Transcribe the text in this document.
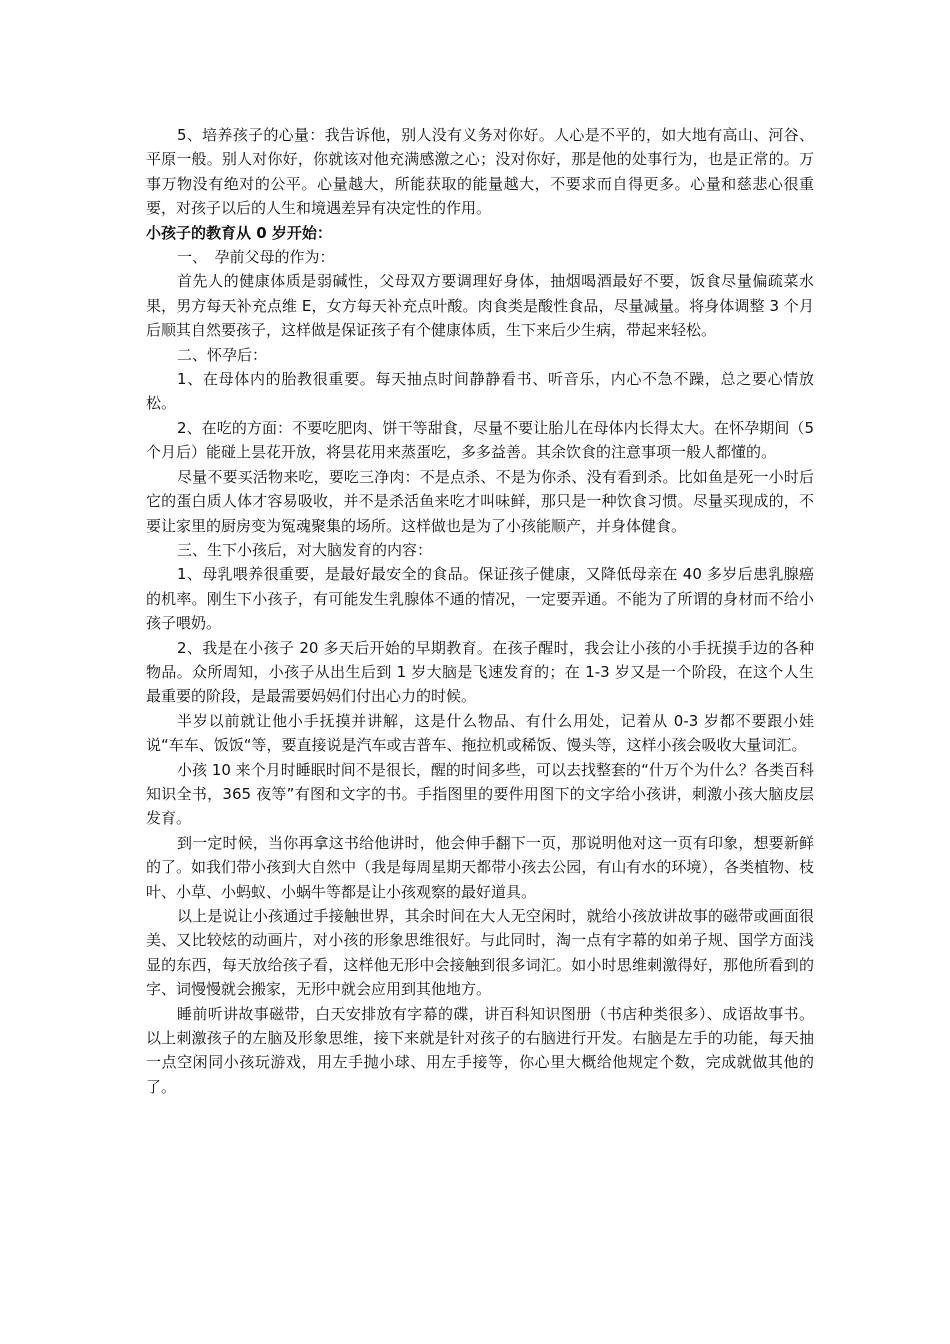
5、培养孩子的心量：我告诉他，别人没有义务对你好。人心是不平的，如大地有高山、河谷、平原一般。别人对你好，你就该对他充满感激之心；没对你好，那是他的处事行为，也是正常的。万事万物没有绝对的公平。心量越大，所能获取的能量越大，不要求而自得更多。心量和慈悲心很重要，对孩子以后的人生和境遇差异有决定性的作用。

小孩子的教育从 0 岁开始：

一、　孕前父母的作为：

首先人的健康体质是弱碱性，父母双方要调理好身体，抽烟喝酒最好不要，饭食尽量偏疏菜水果，男方每天补充点维 E，女方每天补充点叶酸。肉食类是酸性食品，尽量减量。将身体调整 3 个月后顺其自然要孩子，这样做是保证孩子有个健康体质，生下来后少生病，带起来轻松。

二、怀孕后：

1、在母体内的胎教很重要。每天抽点时间静静看书、听音乐，内心不急不躁，总之要心情放松。

2、在吃的方面：不要吃肥肉、饼干等甜食，尽量不要让胎儿在母体内长得太大。在怀孕期间（5 个月后）能碰上昙花开放，将昙花用来蒸蛋吃，多多益善。其余饮食的注意事项一般人都懂的。

尽量不要买活物来吃，要吃三净肉：不是点杀、不是为你杀、没有看到杀。比如鱼是死一小时后它的蛋白质人体才容易吸收，并不是杀活鱼来吃才叫味鲜，那只是一种饮食习惯。尽量买现成的，不要让家里的厨房变为冤魂聚集的场所。这样做也是为了小孩能顺产，并身体健食。

三、生下小孩后，对大脑发育的内容：

1、母乳喂养很重要，是最好最安全的食品。保证孩子健康，又降低母亲在 40 多岁后患乳腺癌的机率。刚生下小孩子，有可能发生乳腺体不通的情况，一定要弄通。不能为了所谓的身材而不给小孩子喂奶。

2、我是在小孩子 20 多天后开始的早期教育。在孩子醒时，我会让小孩的小手抚摸手边的各种物品。众所周知，小孩子从出生后到 1 岁大脑是飞速发育的；在 1-3 岁又是一个阶段，在这个人生最重要的阶段，是最需要妈妈们付出心力的时候。

半岁以前就让他小手抚摸并讲解，这是什么物品、有什么用处，记着从 0-3 岁都不要跟小娃说“车车、饭饭“等，要直接说是汽车或吉普车、拖拉机或稀饭、馒头等，这样小孩会吸收大量词汇。

小孩 10 来个月时睡眠时间不是很长，醒的时间多些，可以去找整套的“什万个为什么？各类百科知识全书，365 夜等”有图和文字的书。手指图里的要件用图下的文字给小孩讲，刺激小孩大脑皮层发育。

到一定时候，当你再拿这书给他讲时，他会伸手翻下一页，那说明他对这一页有印象，想要新鲜的了。如我们带小孩到大自然中（我是每周星期天都带小孩去公园，有山有水的环境），各类植物、枝叶、小草、小蚂蚁、小蜗牛等都是让小孩观察的最好道具。

以上是说让小孩通过手接触世界，其余时间在大人无空闲时，就给小孩放讲故事的磁带或画面很美、又比较炫的动画片，对小孩的形象思维很好。与此同时，淘一点有字幕的如弟子规、国学方面浅显的东西，每天放给孩子看，这样他无形中会接触到很多词汇。如小时思维刺激得好，那他所看到的字、词慢慢就会搬家，无形中就会应用到其他地方。

睡前听讲故事磁带，白天安排放有字幕的碟，讲百科知识图册（书店种类很多）、成语故事书。以上刺激孩子的左脑及形象思维，接下来就是针对孩子的右脑进行开发。右脑是左手的功能，每天抽一点空闲同小孩玩游戏，用左手抛小球、用左手接等，你心里大概给他规定个数，完成就做其他的了。
